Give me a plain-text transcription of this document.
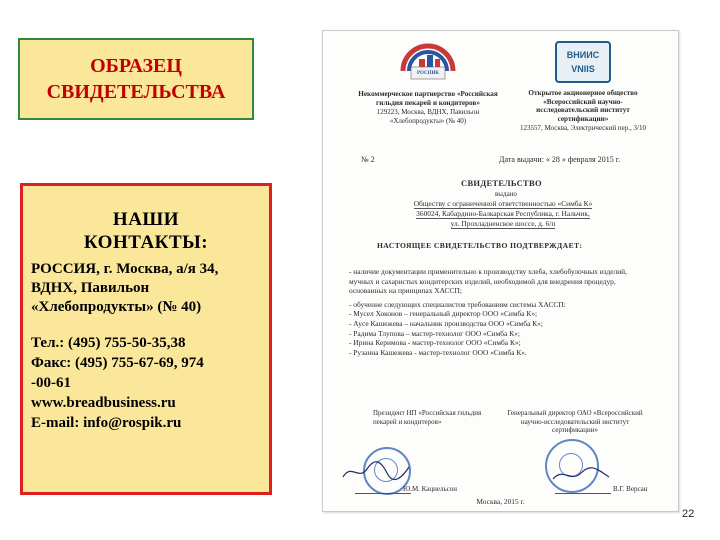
ОБРАЗЕЦ
СВИДЕТЕЛЬСТВА
НАШИ
КОНТАКТЫ:
РОССИЯ, г. Москва, а/я 34, ВДНХ, Павильон «Хлебопродукты» (№ 40)
Тел.: (495) 755-50-35,38
Факс: (495) 755-67-69, 974
-00-61
www.breadbusiness.ru
E-mail: info@rospik.ru
РОСПИК
Некоммерческое партнерство «Российская гильдия пекарей и кондитеров»
129223, Москва, ВДНХ, Павильон «Хлебопродукты» (№ 40)
ВНИИС
VNIIS
Открытое акционерное общество «Всероссийский научно-исследовательский институт сертификации»
123557, Москва, Электрический пер., 3/10
№ 2	Дата выдачи: « 28 » февраля 2015 г.
СВИДЕТЕЛЬСТВО
выдано
Обществу с ограниченной ответственностью «Симба К»
360024, Кабардино-Балкарская Республика, г. Нальчик,
ул. Прохладненское шоссе, д. 6/п
НАСТОЯЩЕЕ СВИДЕТЕЛЬСТВО ПОДТВЕРЖДАЕТ:
- наличие документации применительно к производству хлеба, хлебобулочных изделий, мучных и сахаристых кондитерских изделий, необходимой для внедрения процедур, основанных на принципах ХАССП;
- обучение следующих специалистов требованиям системы ХАССП:
- Мусел Хоконов – генеральный директор ООО «Симба К»;
- Аусе Кашежева – начальник производства ООО «Симба К»;
- Радима Тлупова – мастер-технолог ООО «Симба К»;
- Ирина Керимова - мастер-технолог ООО «Симба К»;
- Рузанна Кашежева - мастер-технолог ООО «Симба К».
Президент НП «Российская гильдия пекарей и кондитеров»
Генеральный директор ОАО «Всероссийский научно-исследовательский институт сертификации»
Ю.М. Кацнельсон	В.Г. Версан
Москва, 2015 г.
22
